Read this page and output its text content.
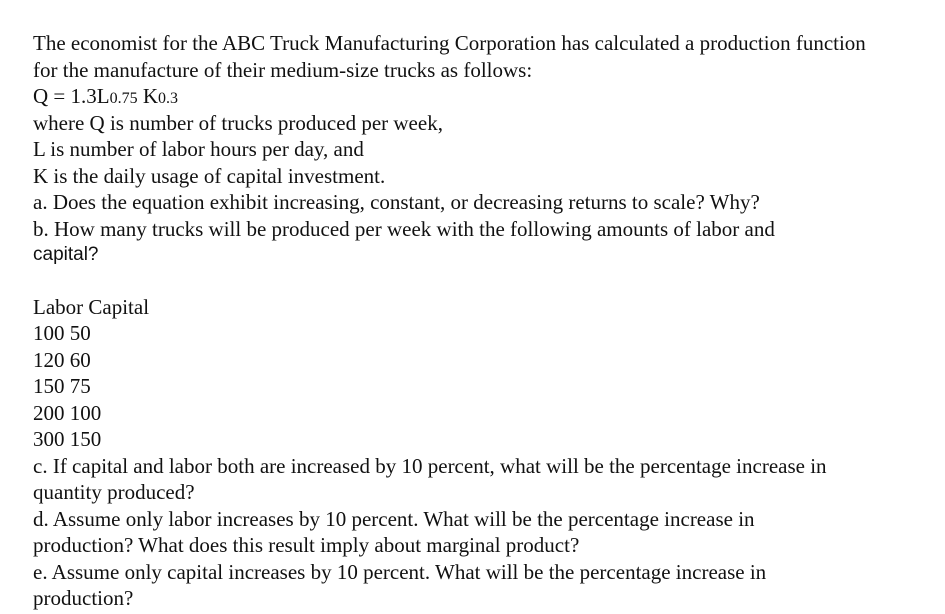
The economist for the ABC Truck Manufacturing Corporation has calculated a production function
for the manufacture of their medium-size trucks as follows:
Q = 1.3L0.75 K0.3
where Q is number of trucks produced per week,
L is number of labor hours per day, and
K is the daily usage of capital investment.
a. Does the equation exhibit increasing, constant, or decreasing returns to scale? Why?
b. How many trucks will be produced per week with the following amounts of labor and
capital?
Labor Capital
100 50
120 60
150 75
200 100
300 150
c. If capital and labor both are increased by 10 percent, what will be the percentage increase in
quantity produced?
d. Assume only labor increases by 10 percent. What will be the percentage increase in
production? What does this result imply about marginal product?
e. Assume only capital increases by 10 percent. What will be the percentage increase in
production?
